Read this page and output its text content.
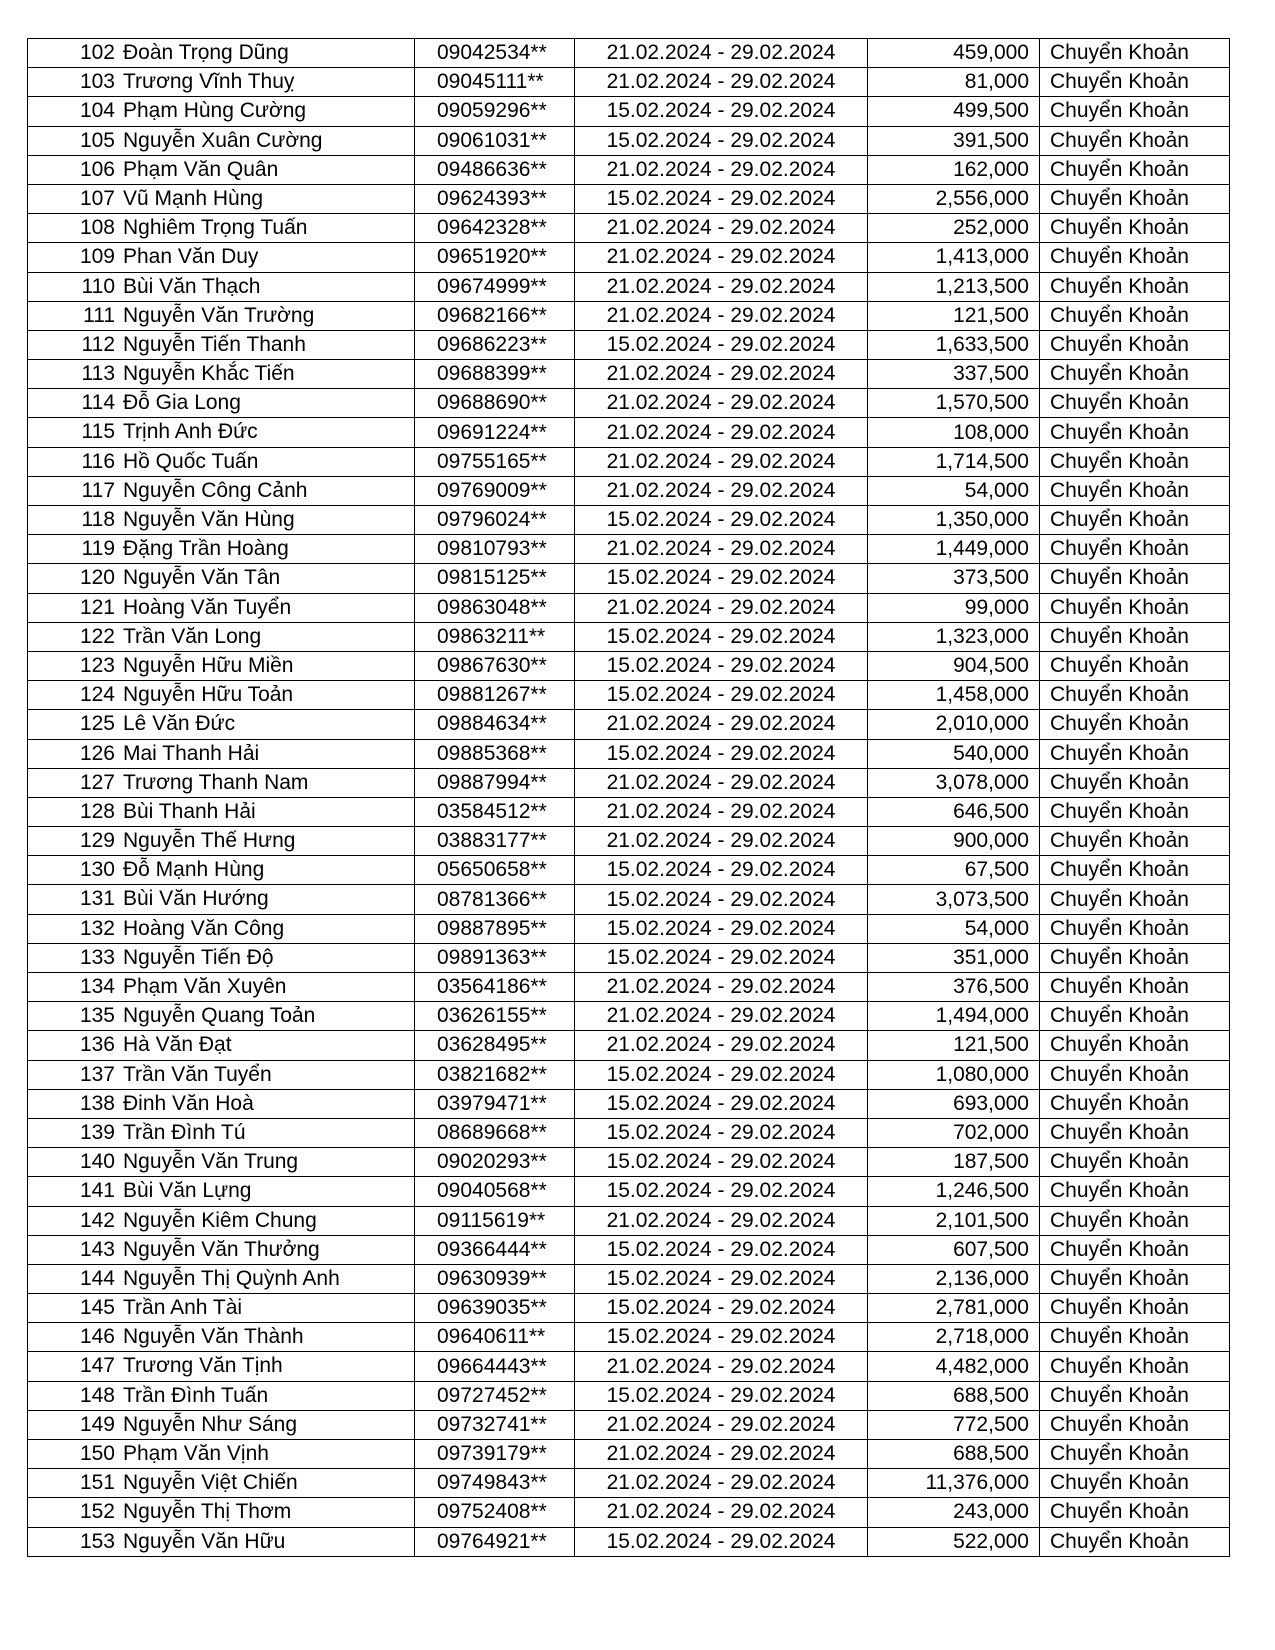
102 Đoàn Trọng Dũng	09042534**	21.02.2024 - 29.02.2024	459,000	Chuyển Khoản

103 Trương Vĩnh Thuỵ	09045111**	21.02.2024 - 29.02.2024	81,000	Chuyển Khoản

104 Phạm Hùng Cường	09059296**	15.02.2024 - 29.02.2024	499,500	Chuyển Khoản

105 Nguyễn Xuân Cường	09061031**	15.02.2024 - 29.02.2024	391,500	Chuyển Khoản

106 Phạm Văn Quân	09486636**	21.02.2024 - 29.02.2024	162,000	Chuyển Khoản

107 Vũ Mạnh Hùng	09624393**	15.02.2024 - 29.02.2024	2,556,000	Chuyển Khoản

108 Nghiêm Trọng Tuấn	09642328**	21.02.2024 - 29.02.2024	252,000	Chuyển Khoản

109 Phan Văn Duy	09651920**	21.02.2024 - 29.02.2024	1,413,000	Chuyển Khoản

110 Bùi Văn Thạch	09674999**	21.02.2024 - 29.02.2024	1,213,500	Chuyển Khoản

111 Nguyễn Văn Trường	09682166**	21.02.2024 - 29.02.2024	121,500	Chuyển Khoản

112 Nguyễn Tiến Thanh	09686223**	15.02.2024 - 29.02.2024	1,633,500	Chuyển Khoản

113 Nguyễn Khắc Tiến	09688399**	21.02.2024 - 29.02.2024	337,500	Chuyển Khoản

114 Đỗ Gia Long	09688690**	21.02.2024 - 29.02.2024	1,570,500	Chuyển Khoản

115 Trịnh Anh Đức	09691224**	21.02.2024 - 29.02.2024	108,000	Chuyển Khoản

116 Hồ Quốc Tuấn	09755165**	21.02.2024 - 29.02.2024	1,714,500	Chuyển Khoản

117 Nguyễn Công Cảnh	09769009**	21.02.2024 - 29.02.2024	54,000	Chuyển Khoản

118 Nguyễn Văn Hùng	09796024**	15.02.2024 - 29.02.2024	1,350,000	Chuyển Khoản

119 Đặng Trần Hoàng	09810793**	21.02.2024 - 29.02.2024	1,449,000	Chuyển Khoản

120 Nguyễn Văn Tân	09815125**	15.02.2024 - 29.02.2024	373,500	Chuyển Khoản

121 Hoàng Văn Tuyển	09863048**	21.02.2024 - 29.02.2024	99,000	Chuyển Khoản

122 Trần Văn Long	09863211**	15.02.2024 - 29.02.2024	1,323,000	Chuyển Khoản

123 Nguyễn Hữu Miền	09867630**	15.02.2024 - 29.02.2024	904,500	Chuyển Khoản

124 Nguyễn Hữu Toản	09881267**	15.02.2024 - 29.02.2024	1,458,000	Chuyển Khoản

125 Lê Văn Đức	09884634**	21.02.2024 - 29.02.2024	2,010,000	Chuyển Khoản

126 Mai Thanh Hải	09885368**	15.02.2024 - 29.02.2024	540,000	Chuyển Khoản

127 Trương Thanh Nam	09887994**	21.02.2024 - 29.02.2024	3,078,000	Chuyển Khoản

128 Bùi Thanh Hải	03584512**	21.02.2024 - 29.02.2024	646,500	Chuyển Khoản

129 Nguyễn Thế Hưng	03883177**	21.02.2024 - 29.02.2024	900,000	Chuyển Khoản

130 Đỗ Mạnh Hùng	05650658**	15.02.2024 - 29.02.2024	67,500	Chuyển Khoản

131 Bùi Văn Hướng	08781366**	15.02.2024 - 29.02.2024	3,073,500	Chuyển Khoản

132 Hoàng Văn Công	09887895**	15.02.2024 - 29.02.2024	54,000	Chuyển Khoản

133 Nguyễn Tiến Độ	09891363**	15.02.2024 - 29.02.2024	351,000	Chuyển Khoản

134 Phạm Văn Xuyên	03564186**	21.02.2024 - 29.02.2024	376,500	Chuyển Khoản

135 Nguyễn Quang Toản	03626155**	21.02.2024 - 29.02.2024	1,494,000	Chuyển Khoản

136 Hà Văn Đạt	03628495**	21.02.2024 - 29.02.2024	121,500	Chuyển Khoản

137 Trần Văn Tuyển	03821682**	15.02.2024 - 29.02.2024	1,080,000	Chuyển Khoản

138 Đinh Văn Hoà	03979471**	15.02.2024 - 29.02.2024	693,000	Chuyển Khoản

139 Trần Đình Tú	08689668**	15.02.2024 - 29.02.2024	702,000	Chuyển Khoản

140 Nguyễn Văn Trung	09020293**	15.02.2024 - 29.02.2024	187,500	Chuyển Khoản

141 Bùi Văn Lựng	09040568**	15.02.2024 - 29.02.2024	1,246,500	Chuyển Khoản

142 Nguyễn Kiêm Chung	09115619**	21.02.2024 - 29.02.2024	2,101,500	Chuyển Khoản

143 Nguyễn Văn Thưởng	09366444**	15.02.2024 - 29.02.2024	607,500	Chuyển Khoản

144 Nguyễn Thị Quỳnh Anh	09630939**	15.02.2024 - 29.02.2024	2,136,000	Chuyển Khoản

145 Trần Anh Tài	09639035**	15.02.2024 - 29.02.2024	2,781,000	Chuyển Khoản

146 Nguyễn Văn Thành	09640611**	15.02.2024 - 29.02.2024	2,718,000	Chuyển Khoản

147 Trương Văn Tịnh	09664443**	21.02.2024 - 29.02.2024	4,482,000	Chuyển Khoản

148 Trần Đình Tuấn	09727452**	15.02.2024 - 29.02.2024	688,500	Chuyển Khoản

149 Nguyễn Như Sáng	09732741**	21.02.2024 - 29.02.2024	772,500	Chuyển Khoản

150 Phạm Văn Vịnh	09739179**	21.02.2024 - 29.02.2024	688,500	Chuyển Khoản

151 Nguyễn Việt Chiến	09749843**	21.02.2024 - 29.02.2024	11,376,000	Chuyển Khoản

152 Nguyễn Thị Thơm	09752408**	21.02.2024 - 29.02.2024	243,000	Chuyển Khoản

153 Nguyễn Văn Hữu	09764921**	15.02.2024 - 29.02.2024	522,000	Chuyển Khoản
